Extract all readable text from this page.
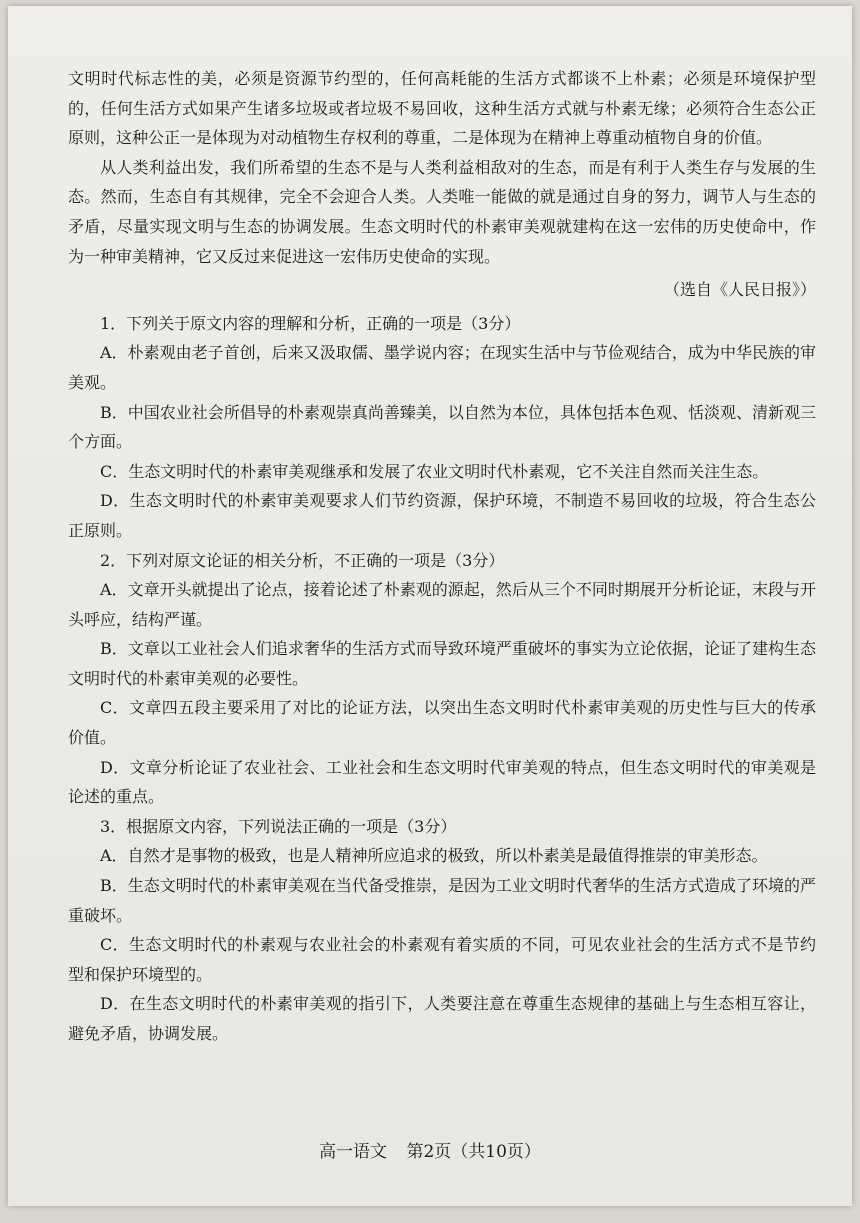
文明时代标志性的美，必须是资源节约型的，任何高耗能的生活方式都谈不上朴素；必须是环境保护型的，任何生活方式如果产生诸多垃圾或者垃圾不易回收，这种生活方式就与朴素无缘；必须符合生态公正原则，这种公正一是体现为对动植物生存权利的尊重，二是体现为在精神上尊重动植物自身的价值。

从人类利益出发，我们所希望的生态不是与人类利益相敌对的生态，而是有利于人类生存与发展的生态。然而，生态自有其规律，完全不会迎合人类。人类唯一能做的就是通过自身的努力，调节人与生态的矛盾，尽量实现文明与生态的协调发展。生态文明时代的朴素审美观就建构在这一宏伟的历史使命中，作为一种审美精神，它又反过来促进这一宏伟历史使命的实现。

（选自《人民日报》）

1．下列关于原文内容的理解和分析，正确的一项是（3分）

A．朴素观由老子首创，后来又汲取儒、墨学说内容；在现实生活中与节俭观结合，成为中华民族的审美观。

B．中国农业社会所倡导的朴素观崇真尚善臻美，以自然为本位，具体包括本色观、恬淡观、清新观三个方面。

C．生态文明时代的朴素审美观继承和发展了农业文明时代朴素观，它不关注自然而关注生态。

D．生态文明时代的朴素审美观要求人们节约资源，保护环境，不制造不易回收的垃圾，符合生态公正原则。

2．下列对原文论证的相关分析，不正确的一项是（3分）

A．文章开头就提出了论点，接着论述了朴素观的源起，然后从三个不同时期展开分析论证，末段与开头呼应，结构严谨。

B．文章以工业社会人们追求奢华的生活方式而导致环境严重破坏的事实为立论依据，论证了建构生态文明时代的朴素审美观的必要性。

C．文章四五段主要采用了对比的论证方法，以突出生态文明时代朴素审美观的历史性与巨大的传承价值。

D．文章分析论证了农业社会、工业社会和生态文明时代审美观的特点，但生态文明时代的审美观是论述的重点。

3．根据原文内容，下列说法正确的一项是（3分）

A．自然才是事物的极致，也是人精神所应追求的极致，所以朴素美是最值得推崇的审美形态。

B．生态文明时代的朴素审美观在当代备受推崇，是因为工业文明时代奢华的生活方式造成了环境的严重破坏。

C．生态文明时代的朴素观与农业社会的朴素观有着实质的不同，可见农业社会的生活方式不是节约型和保护环境型的。

D．在生态文明时代的朴素审美观的指引下，人类要注意在尊重生态规律的基础上与生态相互容让，避免矛盾，协调发展。

高一语文 第2页（共10页）
